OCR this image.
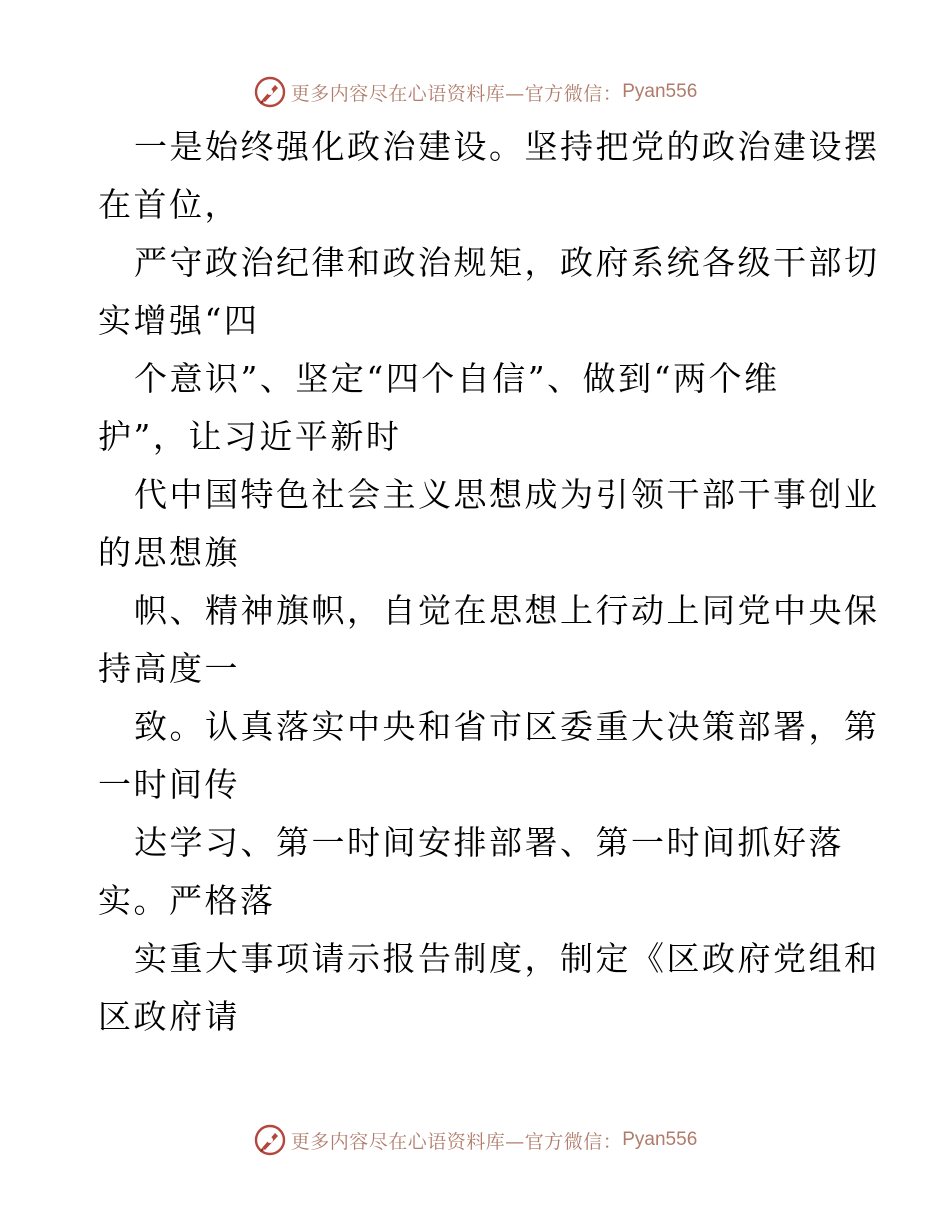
更多内容尽在心语资料库—官方微信： Pyan556
一是始终强化政治建设。坚持把党的政治建设摆
在首位，
严守政治纪律和政治规矩，政府系统各级干部切
实增强“四
个意识”、坚定“四个自信”、做到“两个维
护”，让习近平新时
代中国特色社会主义思想成为引领干部干事创业
的思想旗
帜、精神旗帜，自觉在思想上行动上同党中央保
持高度一
致。认真落实中央和省市区委重大决策部署，第
一时间传
达学习、第一时间安排部署、第一时间抓好落
实。严格落
实重大事项请示报告制度，制定《区政府党组和
区政府请
更多内容尽在心语资料库—官方微信： Pyan556
